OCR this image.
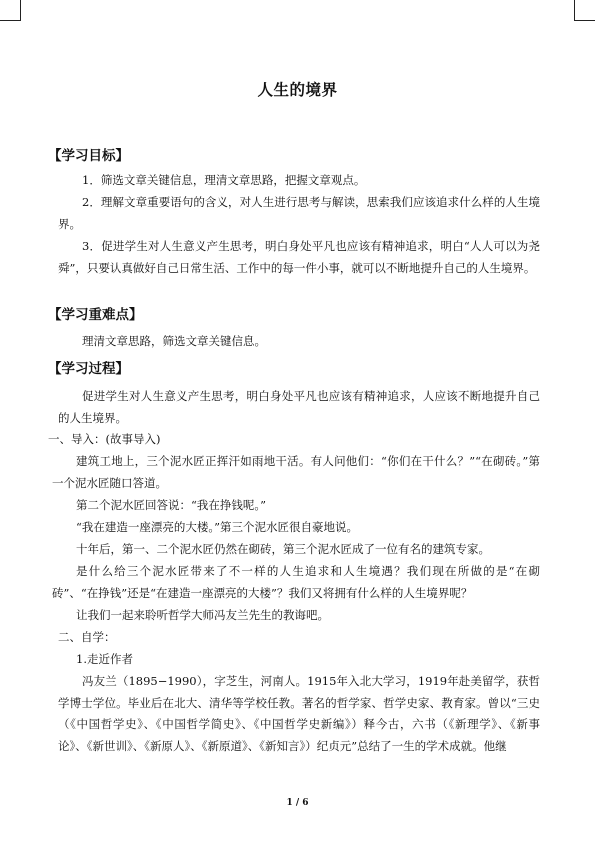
人生的境界
【学习目标】

1．筛选文章关键信息，理清文章思路，把握文章观点。

2．理解文章重要语句的含义，对人生进行思考与解读，思索我们应该追求什么样的人生境界。

3．促进学生对人生意义产生思考，明白身处平凡也应该有精神追求，明白“人人可以为尧舜”，只要认真做好自己日常生活、工作中的每一件小事，就可以不断地提升自己的人生境界。

【学习重难点】

理清文章思路，筛选文章关键信息。

【学习过程】

促进学生对人生意义产生思考，明白身处平凡也应该有精神追求，人应该不断地提升自己的人生境界。

一、导入：(故事导入)

建筑工地上，三个泥水匠正挥汗如雨地干活。有人问他们：“你们在干什么？”“在砌砖。”第一个泥水匠随口答道。

第二个泥水匠回答说：“我在挣钱呢。”

“我在建造一座漂亮的大楼。”第三个泥水匠很自豪地说。

十年后，第一、二个泥水匠仍然在砌砖，第三个泥水匠成了一位有名的建筑专家。

是什么给三个泥水匠带来了不一样的人生追求和人生境遇？我们现在所做的是“在砌砖”、“在挣钱”还是“在建造一座漂亮的大楼”？我们又将拥有什么样的人生境界呢？

让我们一起来聆听哲学大师冯友兰先生的教诲吧。

二、自学：

1.走近作者

冯友兰（1895−1990），字芝生，河南人。1915年入北大学习，1919年赴美留学，获哲学博士学位。毕业后在北大、清华等学校任教。著名的哲学家、哲学史家、教育家。曾以“三史（《中国哲学史》、《中国哲学简史》、《中国哲学史新编》）释今古，六书（《新理学》、《新事论》、《新世训》、《新原人》、《新原道》、《新知言》）纪贞元”总结了一生的学术成就。他继

1 / 6
